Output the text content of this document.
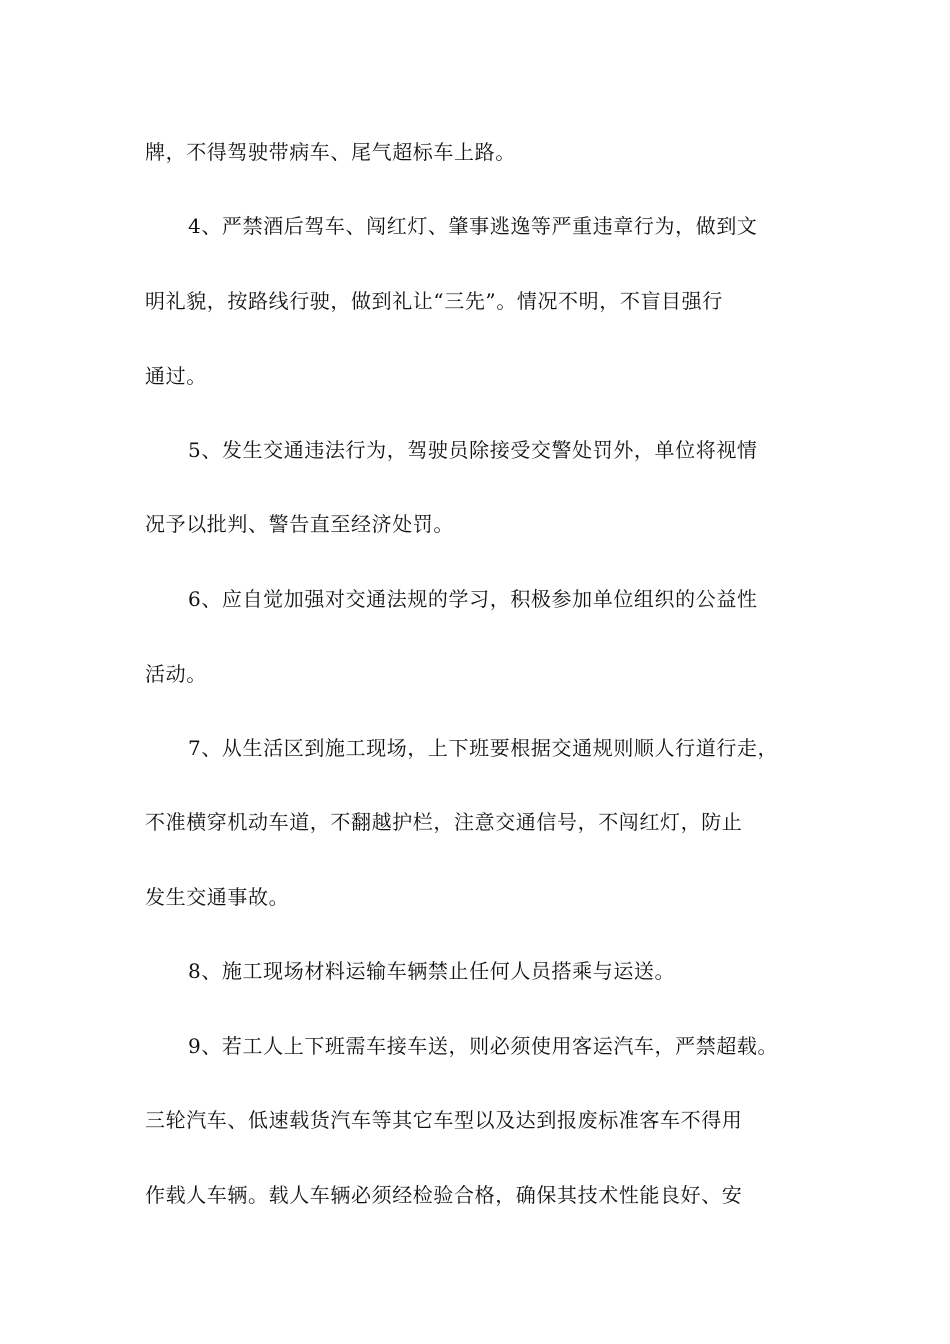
牌，不得驾驶带病车、尾气超标车上路。
4、严禁酒后驾车、闯红灯、肇事逃逸等严重违章行为，做到文
明礼貌，按路线行驶，做到礼让“三先”。情况不明，不盲目强行
通过。
5、发生交通违法行为，驾驶员除接受交警处罚外，单位将视情
况予以批判、警告直至经济处罚。
6、应自觉加强对交通法规的学习，积极参加单位组织的公益性
活动。
7、从生活区到施工现场，上下班要根据交通规则顺人行道行走，
不准横穿机动车道，不翻越护栏，注意交通信号，不闯红灯，防止
发生交通事故。
8、施工现场材料运输车辆禁止任何人员搭乘与运送。
9、若工人上下班需车接车送，则必须使用客运汽车，严禁超载。
三轮汽车、低速载货汽车等其它车型以及达到报废标准客车不得用
作载人车辆。载人车辆必须经检验合格，确保其技术性能良好、安
